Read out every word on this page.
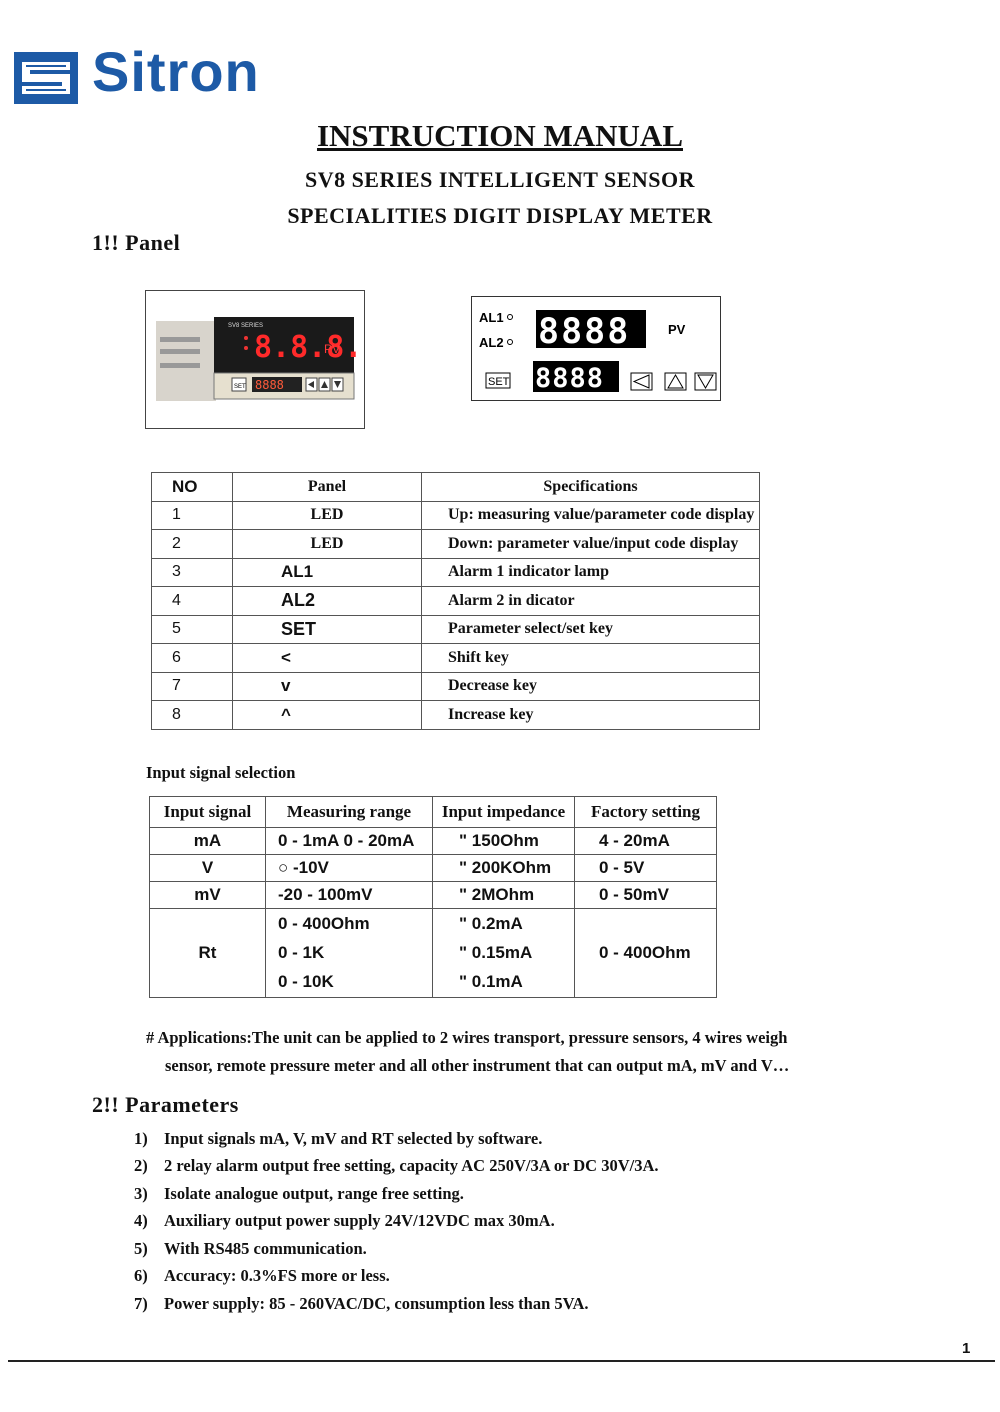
Sitron
INSTRUCTION MANUAL
SV8 SERIES INTELLIGENT SENSOR
SPECIALITIES DIGIT DISPLAY METER
1!! Panel
SV8 SERIES
8.8.8.
PV
SET 8888
AL1
AL2 8888	PV
SET 8888
NO	Panel	Specifications
1	LED	Up: measuring value/parameter code display
2	LED	Down: parameter value/input code display
3	AL1	Alarm 1 indicator lamp
4	AL2	Alarm 2 in dicator
5	SET	Parameter select/set key
6	<	Shift key
7	v	Decrease key
8	^	Increase key
Input signal selection
Input signal	Measuring range	Input impedance	Factory setting
mA	0 - 1mA 0 - 20mA	" 150Ohm	4 - 20mA
V	○ -10V	" 200KOhm	0 - 5V
mV	-20 - 100mV	" 2MOhm	0 - 50mV
Rt	0 - 400Ohm	" 0.2mA	0 - 400Ohm
	0 - 1K	" 0.15mA	
	0 - 10K	" 0.1mA	
# Applications:The unit can be applied to 2 wires transport, pressure sensors, 4 wires weigh
sensor, remote pressure meter and all other instrument that can output mA, mV and V…
2!! Parameters
1) Input signals mA, V, mV and RT selected by software.
2) 2 relay alarm output free setting, capacity AC 250V/3A or DC 30V/3A.
3) Isolate analogue output, range free setting.
4) Auxiliary output power supply 24V/12VDC max 30mA.
5) With RS485 communication.
6) Accuracy: 0.3%FS more or less.
7) Power supply: 85 - 260VAC/DC, consumption less than 5VA.
1
